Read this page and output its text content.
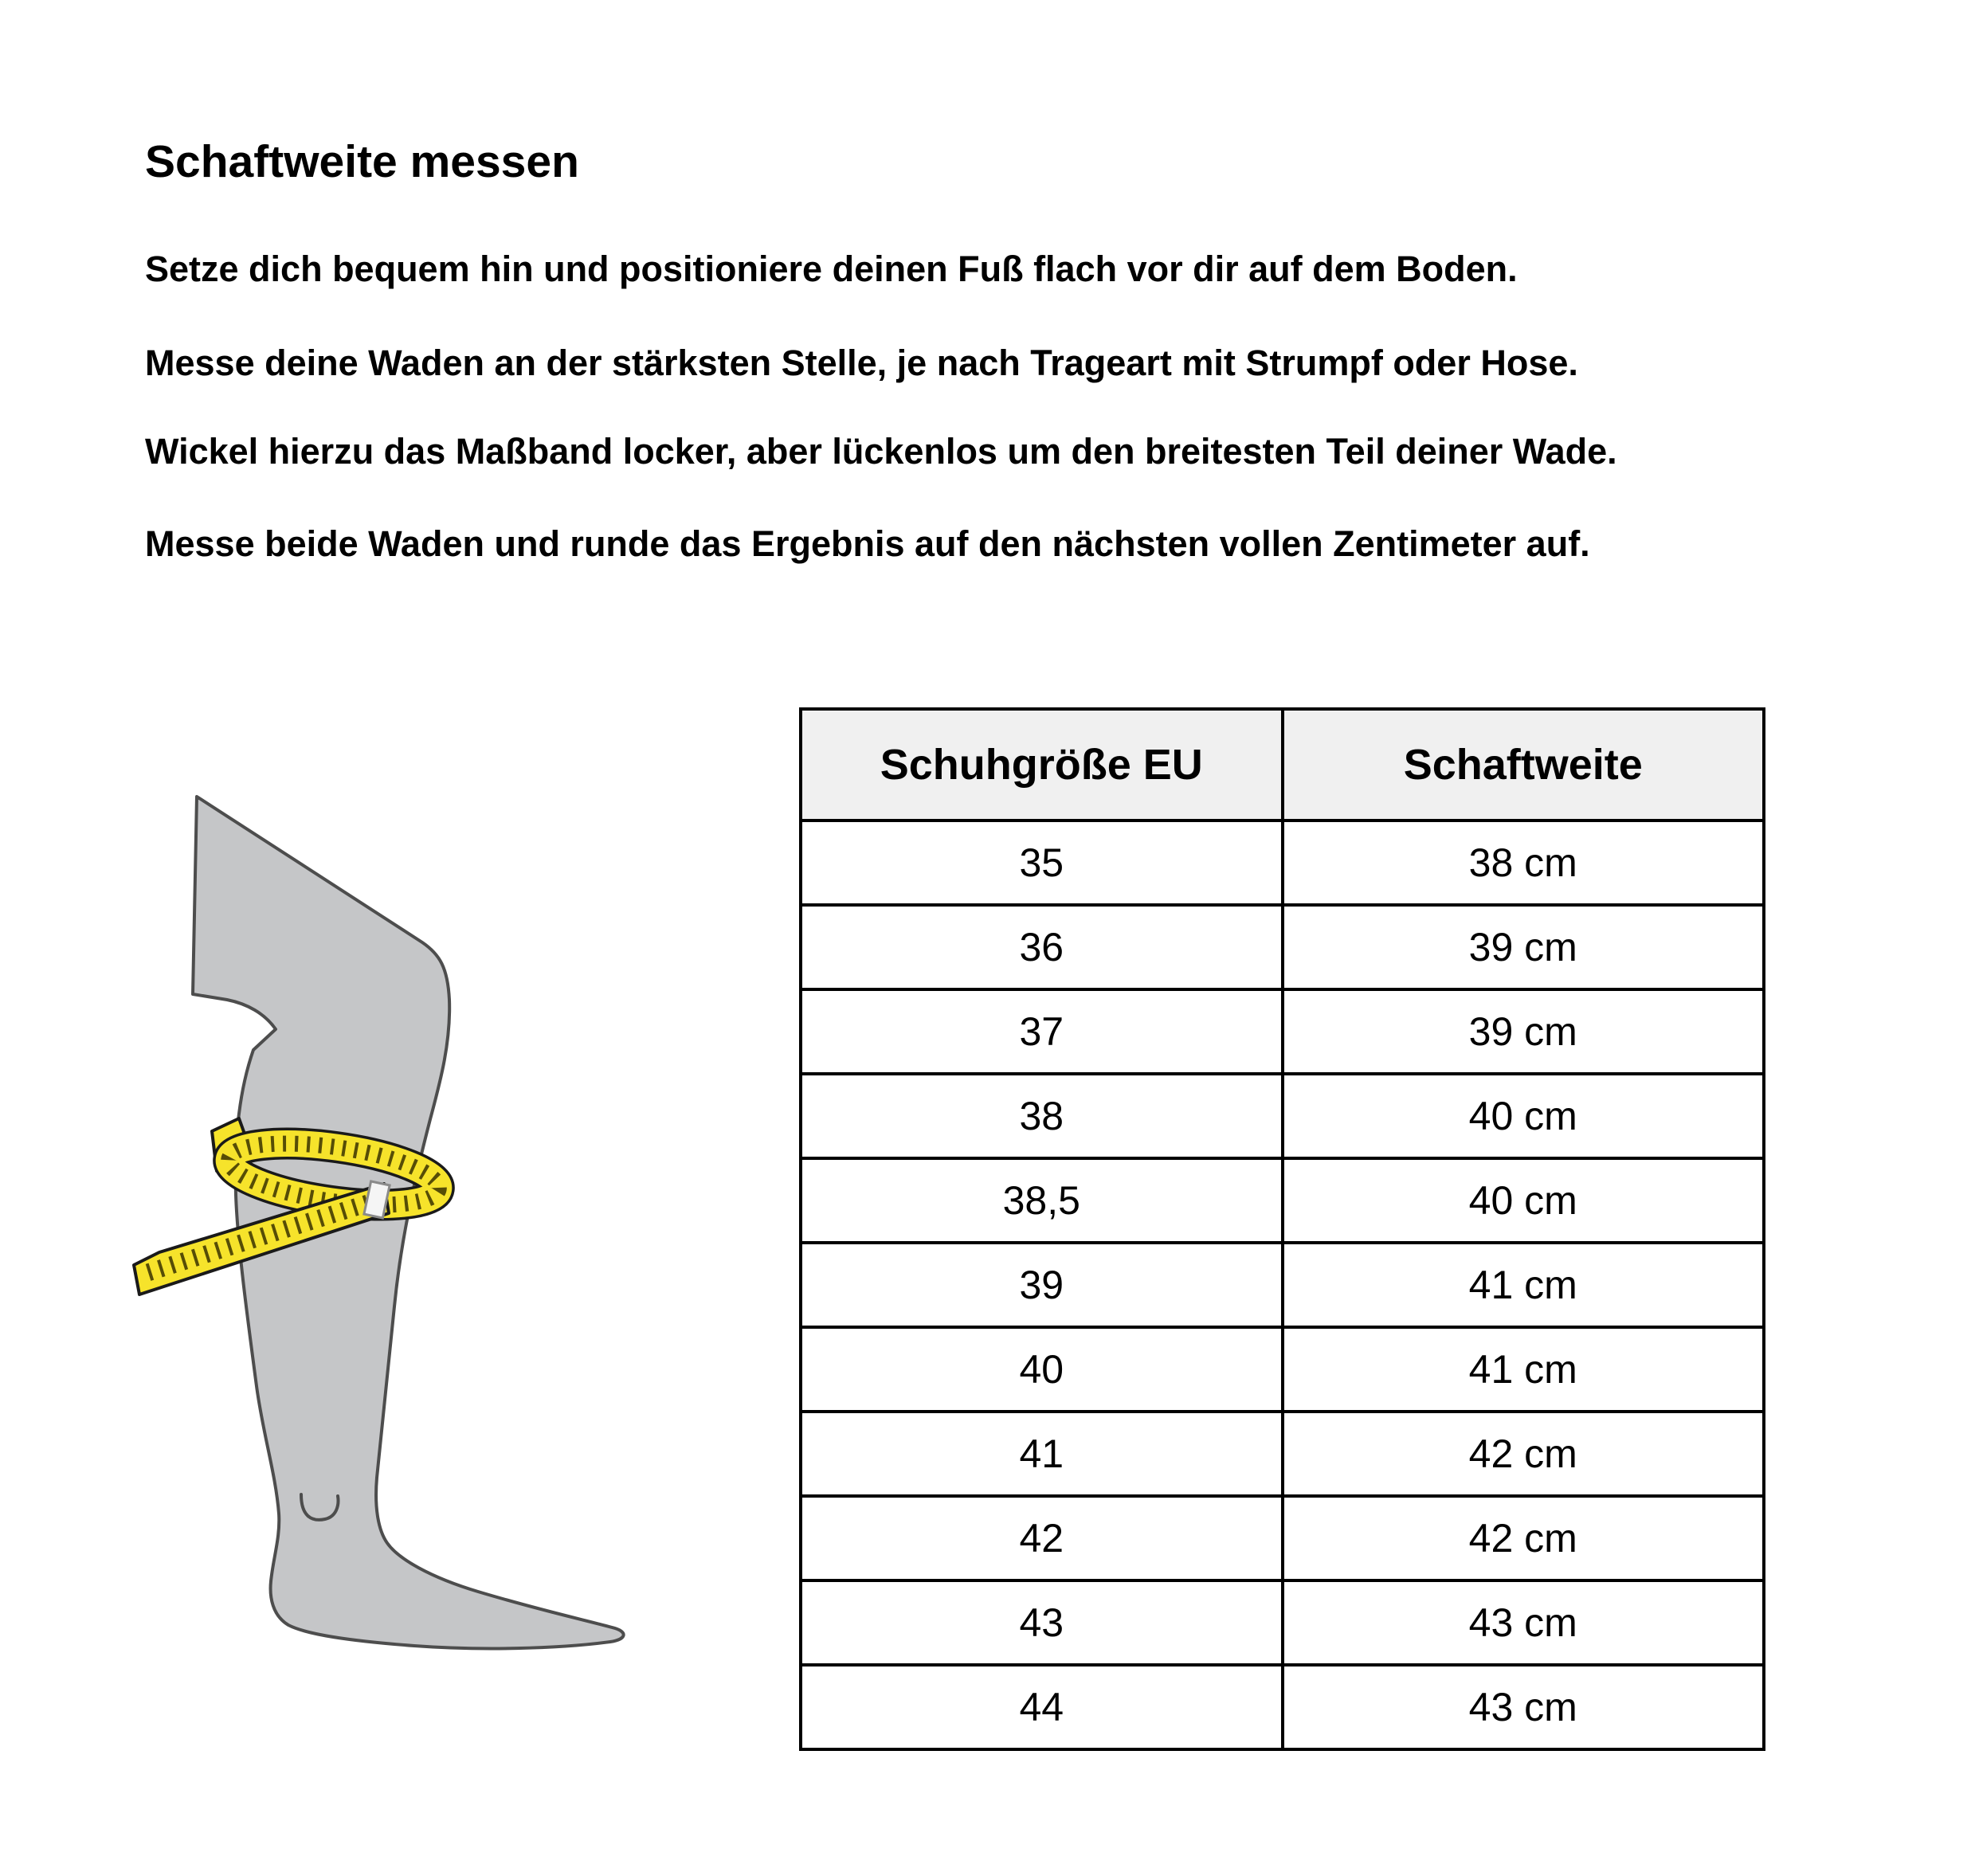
Schaftweite messen

Setze dich bequem hin und positioniere deinen Fuß flach vor dir auf dem Boden.

Messe deine Waden an der stärksten Stelle, je nach Trageart mit Strumpf oder Hose.

Wickel hierzu das Maßband locker, aber lückenlos um den breitesten Teil deiner Wade.

Messe beide Waden und runde das Ergebnis auf den nächsten vollen Zentimeter auf.

Schuhgröße EU	Schaftweite
35	38 cm
36	39 cm
37	39 cm
38	40 cm
38,5	40 cm
39	41 cm
40	41 cm
41	42 cm
42	42 cm
43	43 cm
44	43 cm
